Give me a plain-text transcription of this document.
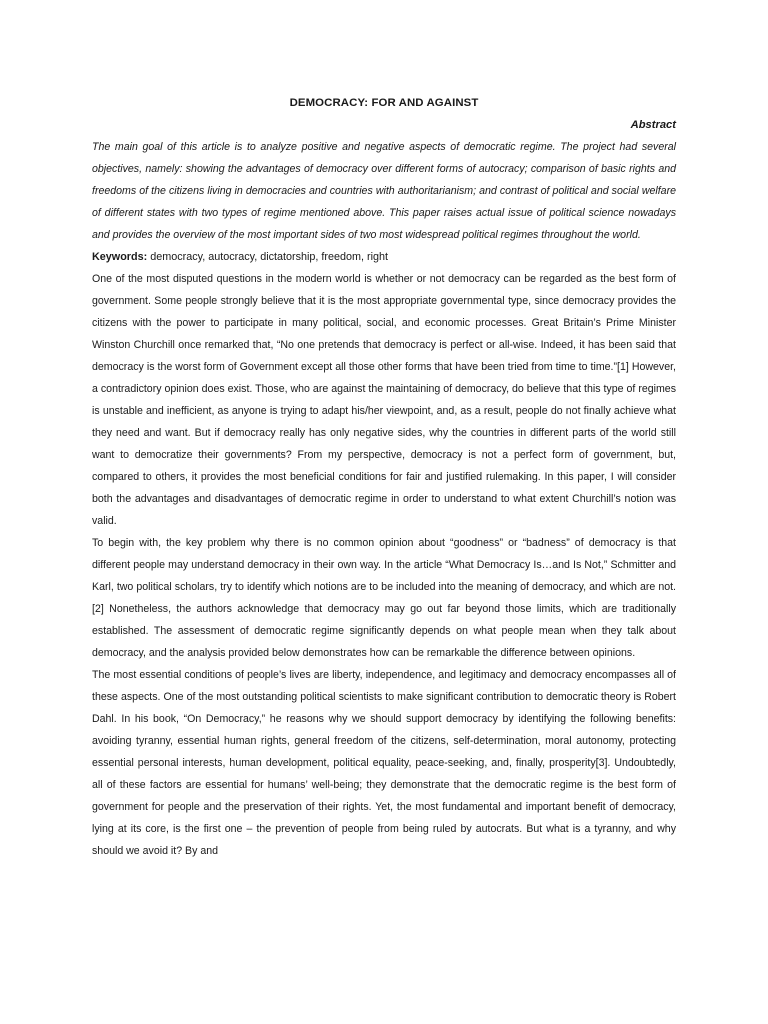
DEMOCRACY: FOR AND AGAINST

Abstract

The main goal of this article is to analyze positive and negative aspects of democratic regime. The project had several objectives, namely: showing the advantages of democracy over different forms of autocracy; comparison of basic rights and freedoms of the citizens living in democracies and countries with authoritarianism; and contrast of political and social welfare of different states with two types of regime mentioned above. This paper raises actual issue of political science nowadays and provides the overview of the most important sides of two most widespread political regimes throughout the world.

Keywords: democracy, autocracy, dictatorship, freedom, right

One of the most disputed questions in the modern world is whether or not democracy can be regarded as the best form of government. Some people strongly believe that it is the most appropriate governmental type, since democracy provides the citizens with the power to participate in many political, social, and economic processes. Great Britain’s Prime Minister Winston Churchill once remarked that, “No one pretends that democracy is perfect or all-wise. Indeed, it has been said that democracy is the worst form of Government except all those other forms that have been tried from time to time.”[1] However, a contradictory opinion does exist. Those, who are against the maintaining of democracy, do believe that this type of regimes is unstable and inefficient, as anyone is trying to adapt his/her viewpoint, and, as a result, people do not finally achieve what they need and want. But if democracy really has only negative sides, why the countries in different parts of the world still want to democratize their governments? From my perspective, democracy is not a perfect form of government, but, compared to others, it provides the most beneficial conditions for fair and justified rulemaking. In this paper, I will consider both the advantages and disadvantages of democratic regime in order to understand to what extent Churchill’s notion was valid.

To begin with, the key problem why there is no common opinion about “goodness” or “badness” of democracy is that different people may understand democracy in their own way. In the article “What Democracy Is…and Is Not,” Schmitter and Karl, two political scholars, try to identify which notions are to be included into the meaning of democracy, and which are not.[2] Nonetheless, the authors acknowledge that democracy may go out far beyond those limits, which are traditionally established. The assessment of democratic regime significantly depends on what people mean when they talk about democracy, and the analysis provided below demonstrates how can be remarkable the difference between opinions.

The most essential conditions of people’s lives are liberty, independence, and legitimacy and democracy encompasses all of these aspects. One of the most outstanding political scientists to make significant contribution to democratic theory is Robert Dahl. In his book, “On Democracy,” he reasons why we should support democracy by identifying the following benefits: avoiding tyranny, essential human rights, general freedom of the citizens, self-determination, moral autonomy, protecting essential personal interests, human development, political equality, peace-seeking, and, finally, prosperity[3]. Undoubtedly, all of these factors are essential for humans’ well-being; they demonstrate that the democratic regime is the best form of government for people and the preservation of their rights. Yet, the most fundamental and important benefit of democracy, lying at its core, is the first one – the prevention of people from being ruled by autocrats. But what is a tyranny, and why should we avoid it? By and
